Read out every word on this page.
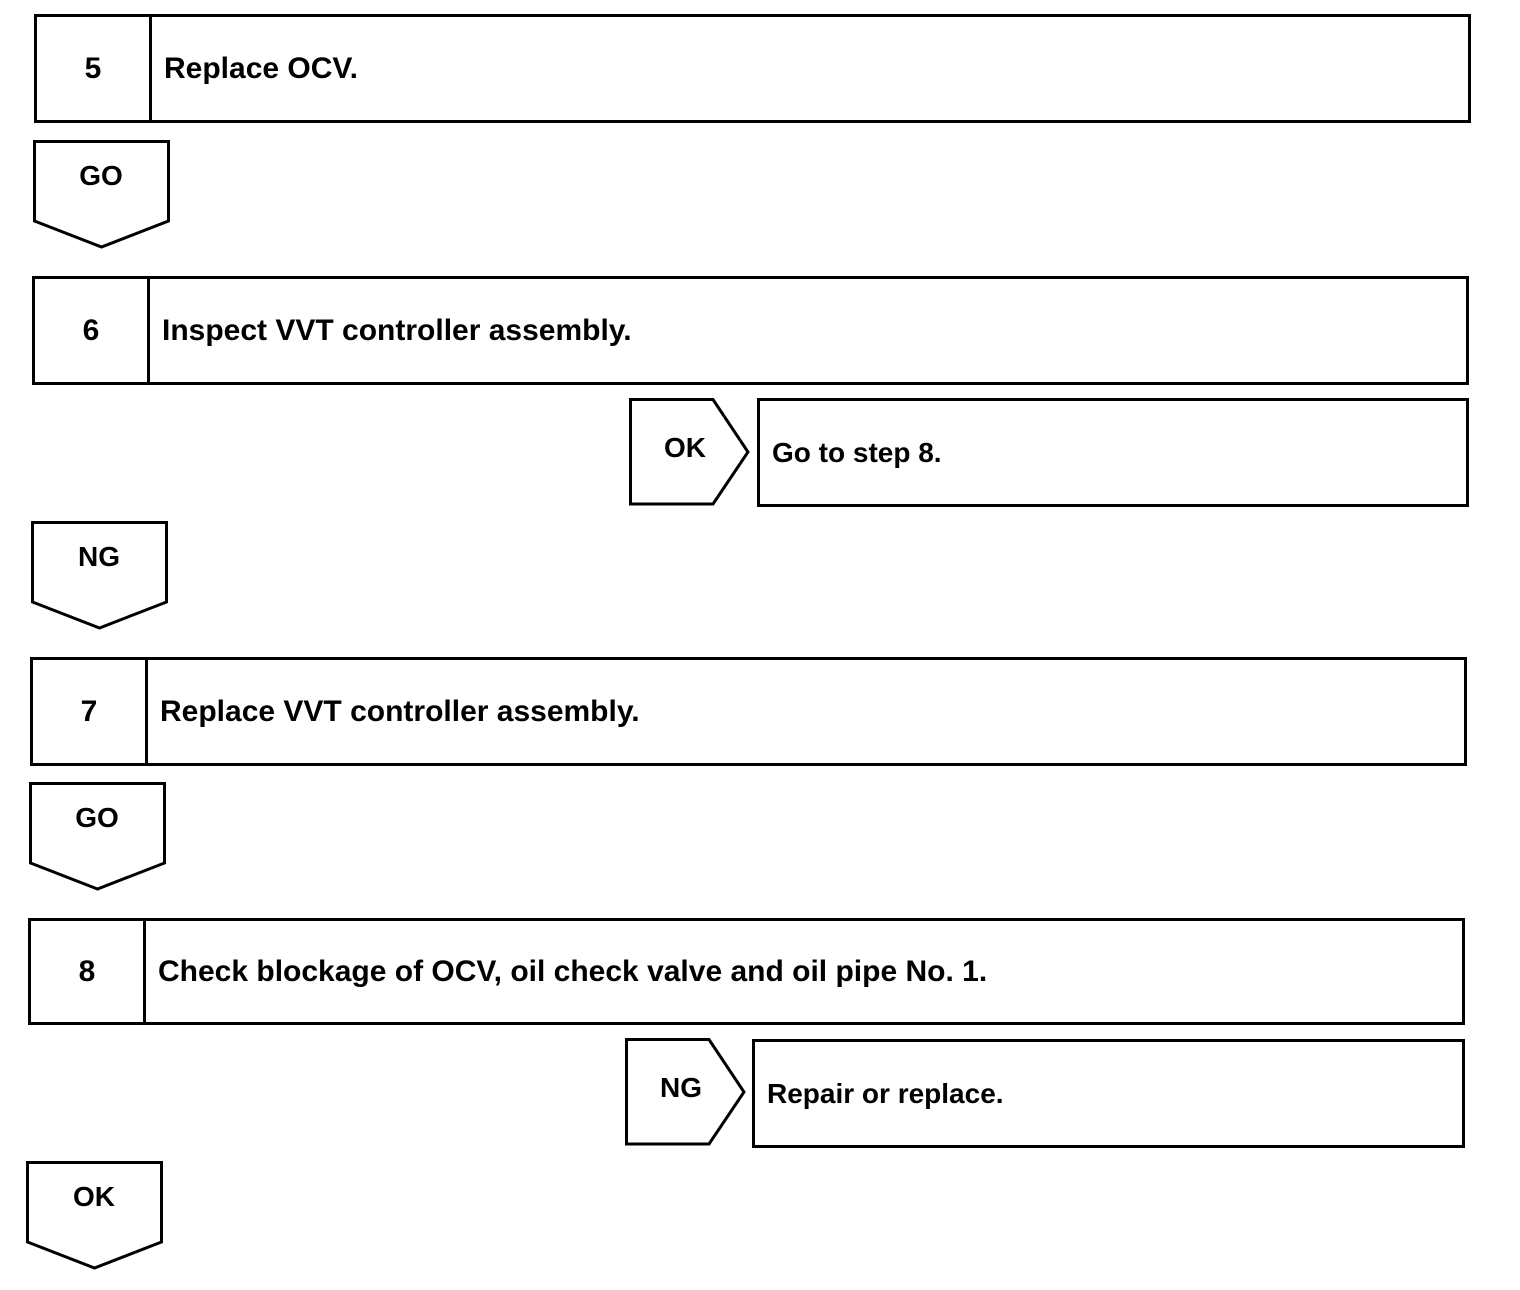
5	Replace OCV.
GO
6	Inspect VVT controller assembly.
OK	Go to step 8.
NG
7	Replace VVT controller assembly.
GO
8	Check blockage of OCV, oil check valve and oil pipe No. 1.
NG	Repair or replace.
OK
